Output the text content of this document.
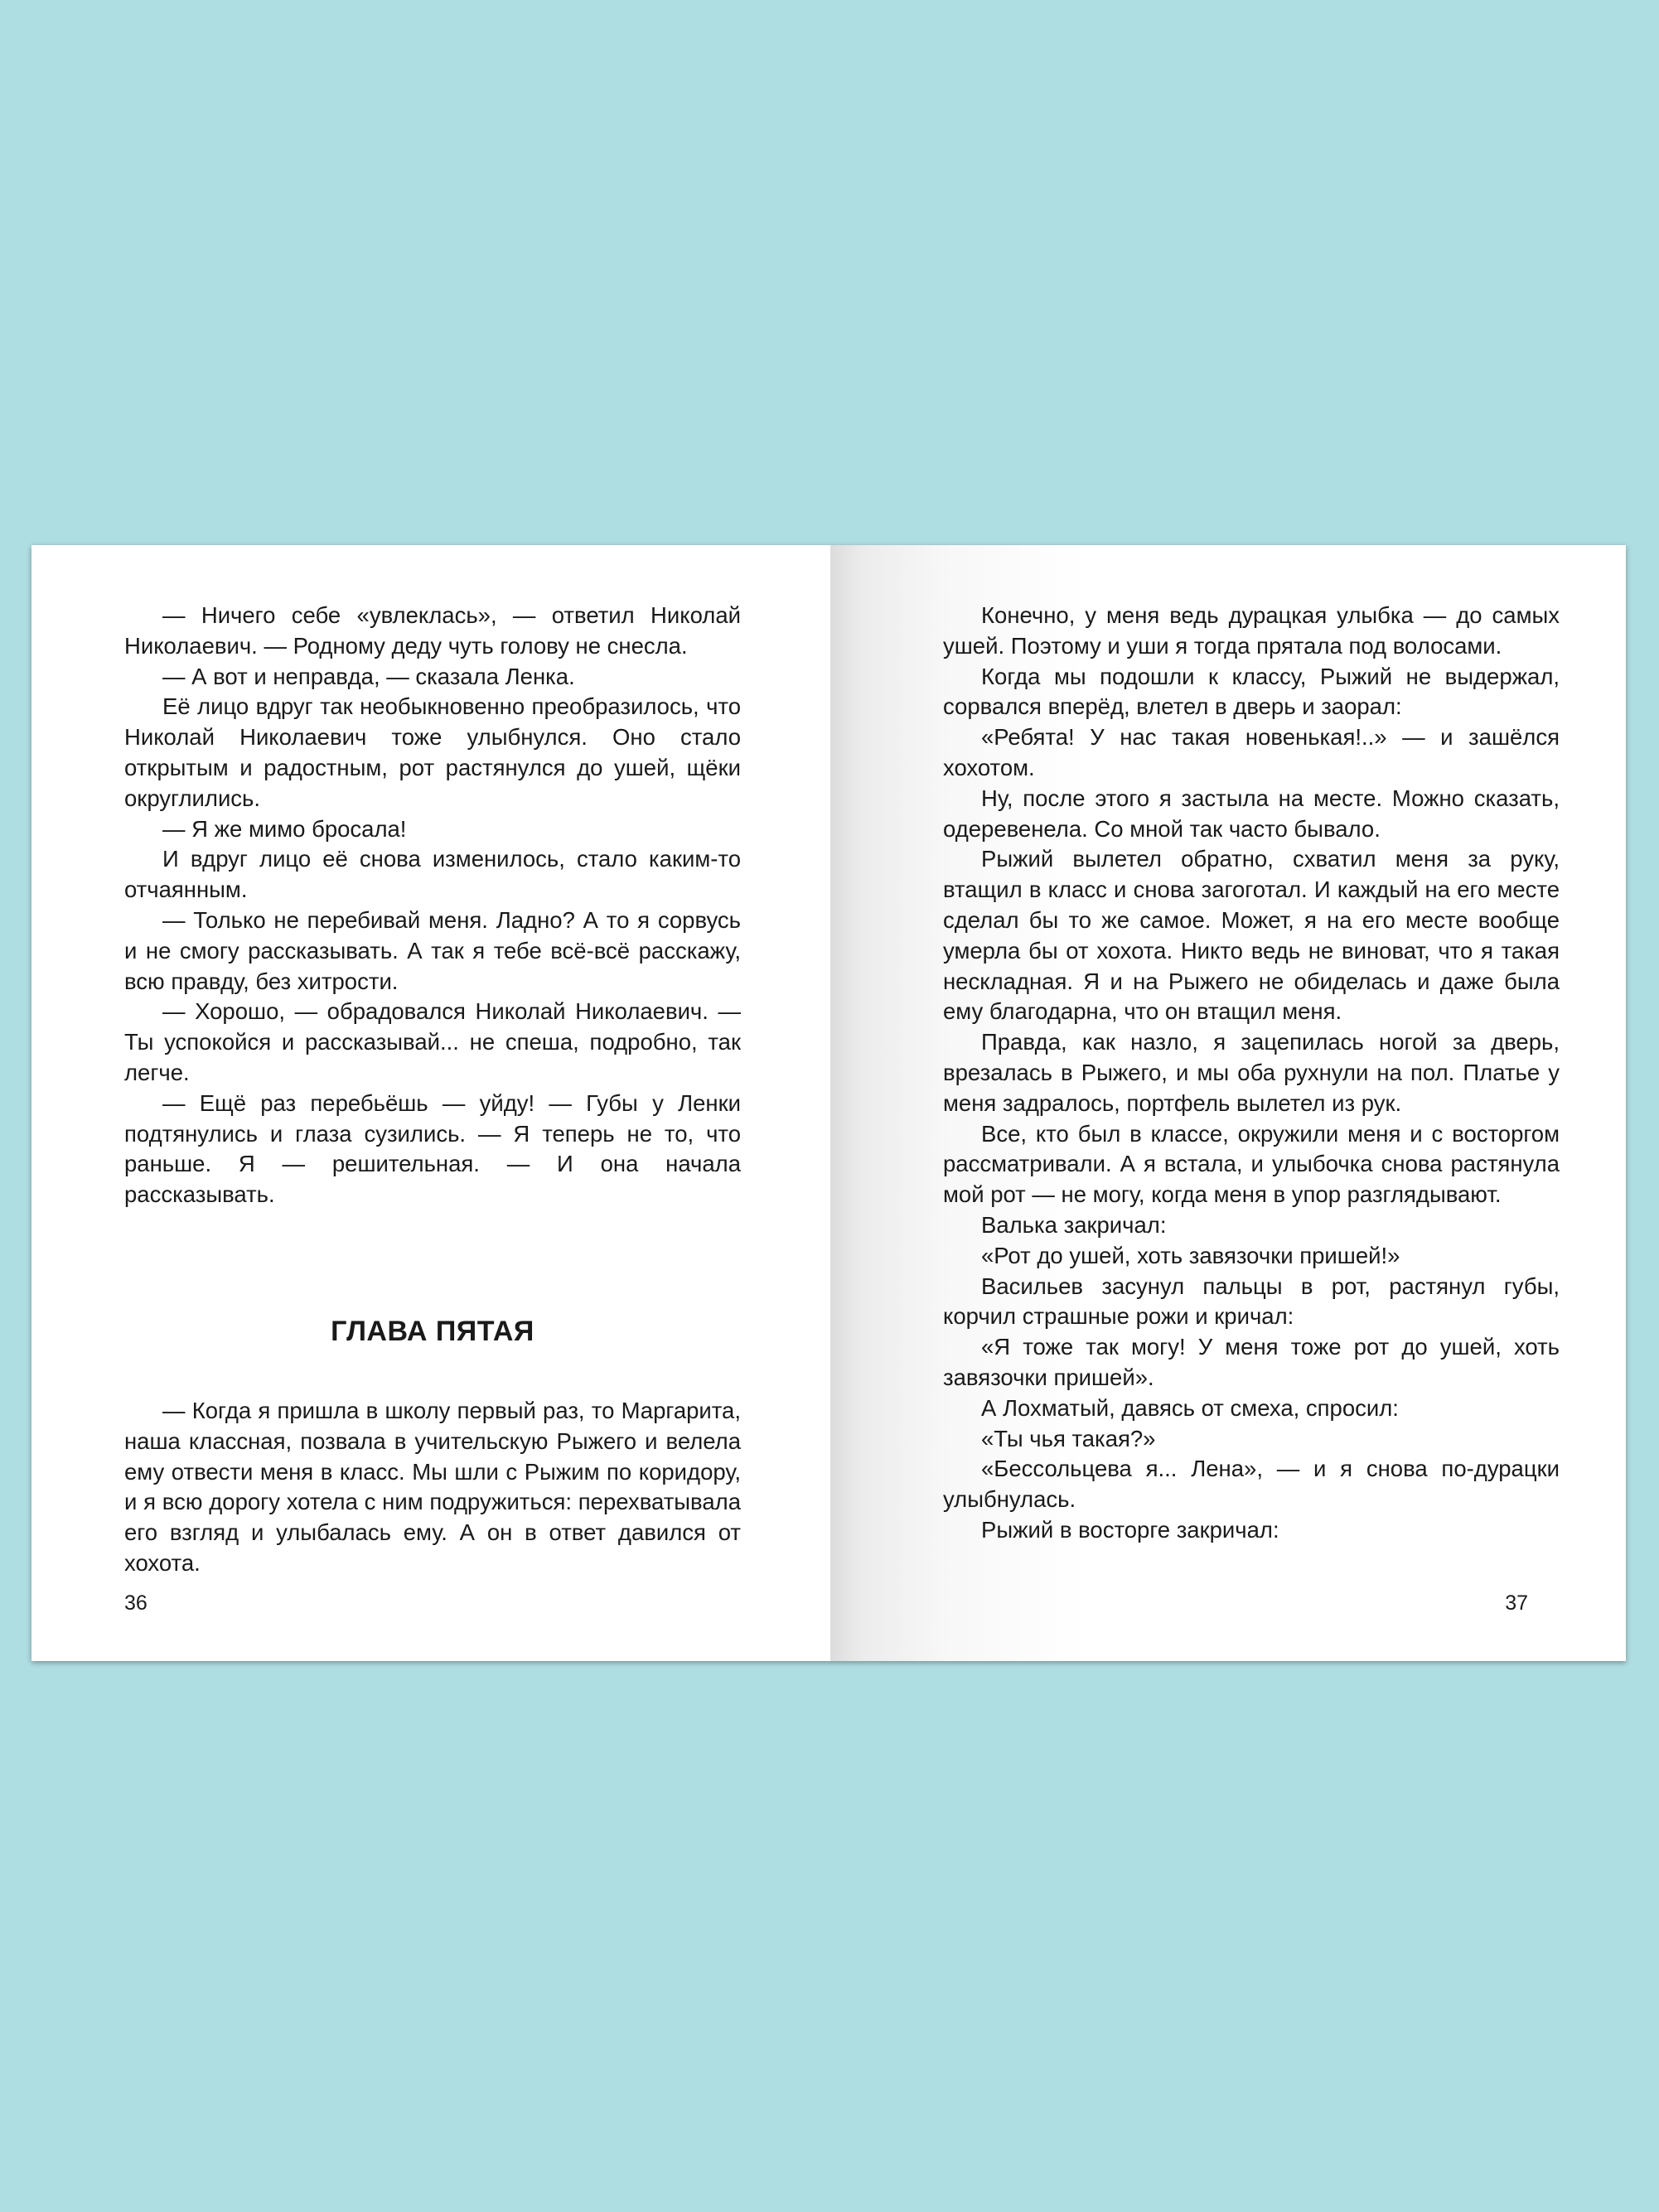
— Ничего себе «увлеклась», — ответил Николай Николаевич. — Родному деду чуть голову не снесла.

— А вот и неправда, — сказала Ленка.

Её лицо вдруг так необыкновенно преобразилось, что Николай Николаевич тоже улыбнулся. Оно стало открытым и радостным, рот растянулся до ушей, щёки округлились.

— Я же мимо бросала!

И вдруг лицо её снова изменилось, стало каким-то отчаянным.

— Только не перебивай меня. Ладно? А то я сорвусь и не смогу рассказывать. А так я тебе всё-всё расскажу, всю правду, без хитрости.

— Хорошо, — обрадовался Николай Николаевич. — Ты успокойся и рассказывай... не спеша, подробно, так легче.

— Ещё раз перебьёшь — уйду! — Губы у Ленки подтянулись и глаза сузились. — Я теперь не то, что раньше. Я — решительная. — И она начала рассказывать.

ГЛАВА ПЯТАЯ

— Когда я пришла в школу первый раз, то Маргарита, наша классная, позвала в учительскую Рыжего и велела ему отвести меня в класс. Мы шли с Рыжим по коридору, и я всю дорогу хотела с ним подружиться: перехватывала его взгляд и улыбалась ему. А он в ответ давился от хохота.

36

Конечно, у меня ведь дурацкая улыбка — до самых ушей. Поэтому и уши я тогда прятала под волосами.

Когда мы подошли к классу, Рыжий не выдержал, сорвался вперёд, влетел в дверь и заорал:

«Ребята! У нас такая новенькая!..» — и зашёлся хохотом.

Ну, после этого я застыла на месте. Можно сказать, одеревенела. Со мной так часто бывало.

Рыжий вылетел обратно, схватил меня за руку, втащил в класс и снова загоготал. И каждый на его месте сделал бы то же самое. Может, я на его месте вообще умерла бы от хохота. Никто ведь не виноват, что я такая нескладная. Я и на Рыжего не обиделась и даже была ему благодарна, что он втащил меня.

Правда, как назло, я зацепилась ногой за дверь, врезалась в Рыжего, и мы оба рухнули на пол. Платье у меня задралось, портфель вылетел из рук.

Все, кто был в классе, окружили меня и с восторгом рассматривали. А я встала, и улыбочка снова растянула мой рот — не могу, когда меня в упор разглядывают.

Валька закричал:

«Рот до ушей, хоть завязочки пришей!»

Васильев засунул пальцы в рот, растянул губы, корчил страшные рожи и кричал:

«Я тоже так могу! У меня тоже рот до ушей, хоть завязочки пришей».

А Лохматый, давясь от смеха, спросил:

«Ты чья такая?»

«Бессольцева я... Лена», — и я снова по-дурацки улыбнулась.

Рыжий в восторге закричал:

37
